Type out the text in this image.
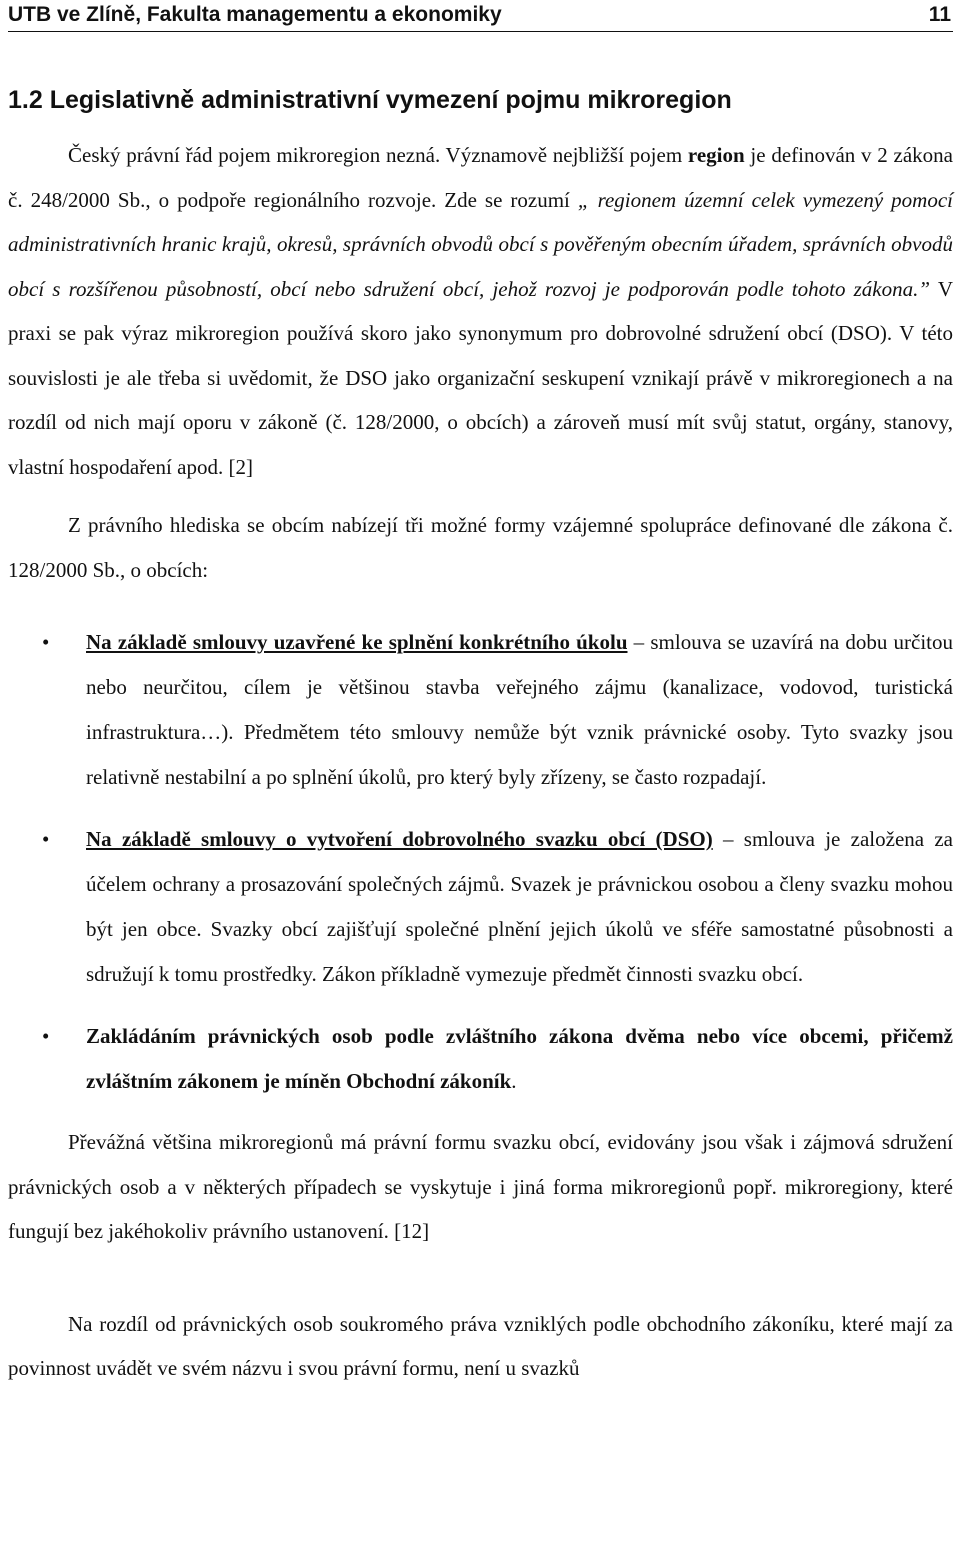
UTB ve Zlíně, Fakulta managementu a ekonomiky	11
1.2 Legislativně administrativní vymezení pojmu mikroregion

Český právní řád pojem mikroregion nezná. Významově nejbližší pojem region je definován v 2 zákona č. 248/2000 Sb., o podpoře regionálního rozvoje. Zde se rozumí „ regionem územní celek vymezený pomocí administrativních hranic krajů, okresů, správních obvodů obcí s pověřeným obecním úřadem, správních obvodů obcí s rozšířenou působností, obcí nebo sdružení obcí, jehož rozvoj je podporován podle tohoto zákona.” V praxi se pak výraz mikroregion používá skoro jako synonymum pro dobrovolné sdružení obcí (DSO). V této souvislosti je ale třeba si uvědomit, že DSO jako organizační seskupení vznikají právě v mikroregionech a na rozdíl od nich mají oporu v zákoně (č. 128/2000, o obcích) a zároveň musí mít svůj statut, orgány, stanovy, vlastní hospodaření apod. [2]

Z právního hlediska se obcím nabízejí tři možné formy vzájemné spolupráce definované dle zákona č. 128/2000 Sb., o obcích:

• Na základě smlouvy uzavřené ke splnění konkrétního úkolu – smlouva se uzavírá na dobu určitou nebo neurčitou, cílem je většinou stavba veřejného zájmu (kanalizace, vodovod, turistická infrastruktura…). Předmětem této smlouvy nemůže být vznik právnické osoby. Tyto svazky jsou relativně nestabilní a po splnění úkolů, pro který byly zřízeny, se často rozpadají.
• Na základě smlouvy o vytvoření dobrovolného svazku obcí (DSO) – smlouva je založena za účelem ochrany a prosazování společných zájmů. Svazek je právnickou osobou a členy svazku mohou být jen obce. Svazky obcí zajišťují společné plnění jejich úkolů ve sféře samostatné působnosti a sdružují k tomu prostředky. Zákon příkladně vymezuje předmět činnosti svazku obcí.
• Zakládáním právnických osob podle zvláštního zákona dvěma nebo více obcemi, přičemž zvláštním zákonem je míněn Obchodní zákoník.

Převážná většina mikroregionů má právní formu svazku obcí, evidovány jsou však i zájmová sdružení právnických osob a v některých případech se vyskytuje i jiná forma mikroregionů popř. mikroregiony, které fungují bez jakéhokoliv právního ustanovení. [12]

Na rozdíl od právnických osob soukromého práva vzniklých podle obchodního zákoníku, které mají za povinnost uvádět ve svém názvu i svou právní formu, není u svazků
